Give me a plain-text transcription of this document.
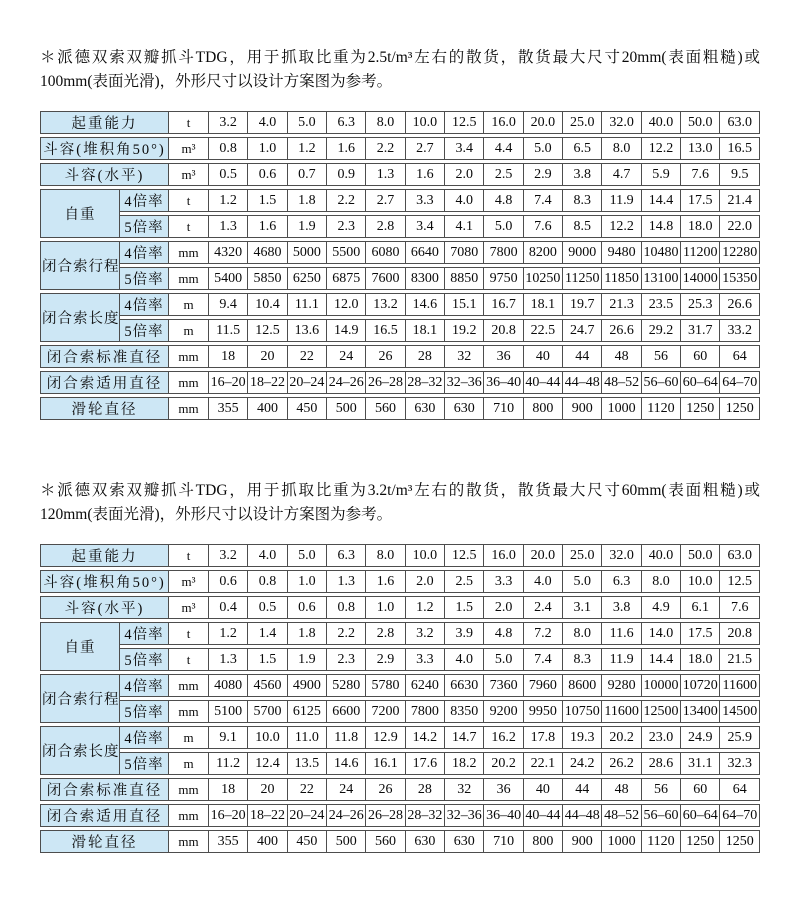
＊派德双索双瓣抓斗TDG，用于抓取比重为2.5t/m³左右的散货，散货最大尺寸20mm(表面粗糙)或100mm(表面光滑)，外形尺寸以设计方案图为参考。

起重能力		t	3.2	4.0	5.0	6.3	8.0	10.0	12.5	16.0	20.0	25.0	32.0	40.0	50.0	63.0
斗容(堆积角50°)		m³	0.8	1.0	1.2	1.6	2.2	2.7	3.4	4.4	5.0	6.5	8.0	12.2	13.0	16.5
斗容(水平)		m³	0.5	0.6	0.7	0.9	1.3	1.6	2.0	2.5	2.9	3.8	4.7	5.9	7.6	9.5
自重	4倍率	t	1.2	1.5	1.8	2.2	2.7	3.3	4.0	4.8	7.4	8.3	11.9	14.4	17.5	21.4
	5倍率	t	1.3	1.6	1.9	2.3	2.8	3.4	4.1	5.0	7.6	8.5	12.2	14.8	18.0	22.0
闭合索行程	4倍率	mm	4320	4680	5000	5500	6080	6640	7080	7800	8200	9000	9480	10480	11200	12280
	5倍率	mm	5400	5850	6250	6875	7600	8300	8850	9750	10250	11250	11850	13100	14000	15350
闭合索长度	4倍率	m	9.4	10.4	11.1	12.0	13.2	14.6	15.1	16.7	18.1	19.7	21.3	23.5	25.3	26.6
	5倍率	m	11.5	12.5	13.6	14.9	16.5	18.1	19.2	20.8	22.5	24.7	26.6	29.2	31.7	33.2
闭合索标准直径		mm	18	20	22	24	26	28	32	36	40	44	48	56	60	64
闭合索适用直径		mm	16–20	18–22	20–24	24–26	26–28	28–32	32–36	36–40	40–44	44–48	48–52	56–60	60–64	64–70
滑轮直径		mm	355	400	450	500	560	630	630	710	800	900	1000	1120	1250	1250

＊派德双索双瓣抓斗TDG，用于抓取比重为3.2t/m³左右的散货，散货最大尺寸60mm(表面粗糙)或120mm(表面光滑)，外形尺寸以设计方案图为参考。

起重能力		t	3.2	4.0	5.0	6.3	8.0	10.0	12.5	16.0	20.0	25.0	32.0	40.0	50.0	63.0
斗容(堆积角50°)		m³	0.6	0.8	1.0	1.3	1.6	2.0	2.5	3.3	4.0	5.0	6.3	8.0	10.0	12.5
斗容(水平)		m³	0.4	0.5	0.6	0.8	1.0	1.2	1.5	2.0	2.4	3.1	3.8	4.9	6.1	7.6
自重	4倍率	t	1.2	1.4	1.8	2.2	2.8	3.2	3.9	4.8	7.2	8.0	11.6	14.0	17.5	20.8
	5倍率	t	1.3	1.5	1.9	2.3	2.9	3.3	4.0	5.0	7.4	8.3	11.9	14.4	18.0	21.5
闭合索行程	4倍率	mm	4080	4560	4900	5280	5780	6240	6630	7360	7960	8600	9280	10000	10720	11600
	5倍率	mm	5100	5700	6125	6600	7200	7800	8350	9200	9950	10750	11600	12500	13400	14500
闭合索长度	4倍率	m	9.1	10.0	11.0	11.8	12.9	14.2	14.7	16.2	17.8	19.3	20.2	23.0	24.9	25.9
	5倍率	m	11.2	12.4	13.5	14.6	16.1	17.6	18.2	20.2	22.1	24.2	26.2	28.6	31.1	32.3
闭合索标准直径		mm	18	20	22	24	26	28	32	36	40	44	48	56	60	64
闭合索适用直径		mm	16–20	18–22	20–24	24–26	26–28	28–32	32–36	36–40	40–44	44–48	48–52	56–60	60–64	64–70
滑轮直径		mm	355	400	450	500	560	630	630	710	800	900	1000	1120	1250	1250
